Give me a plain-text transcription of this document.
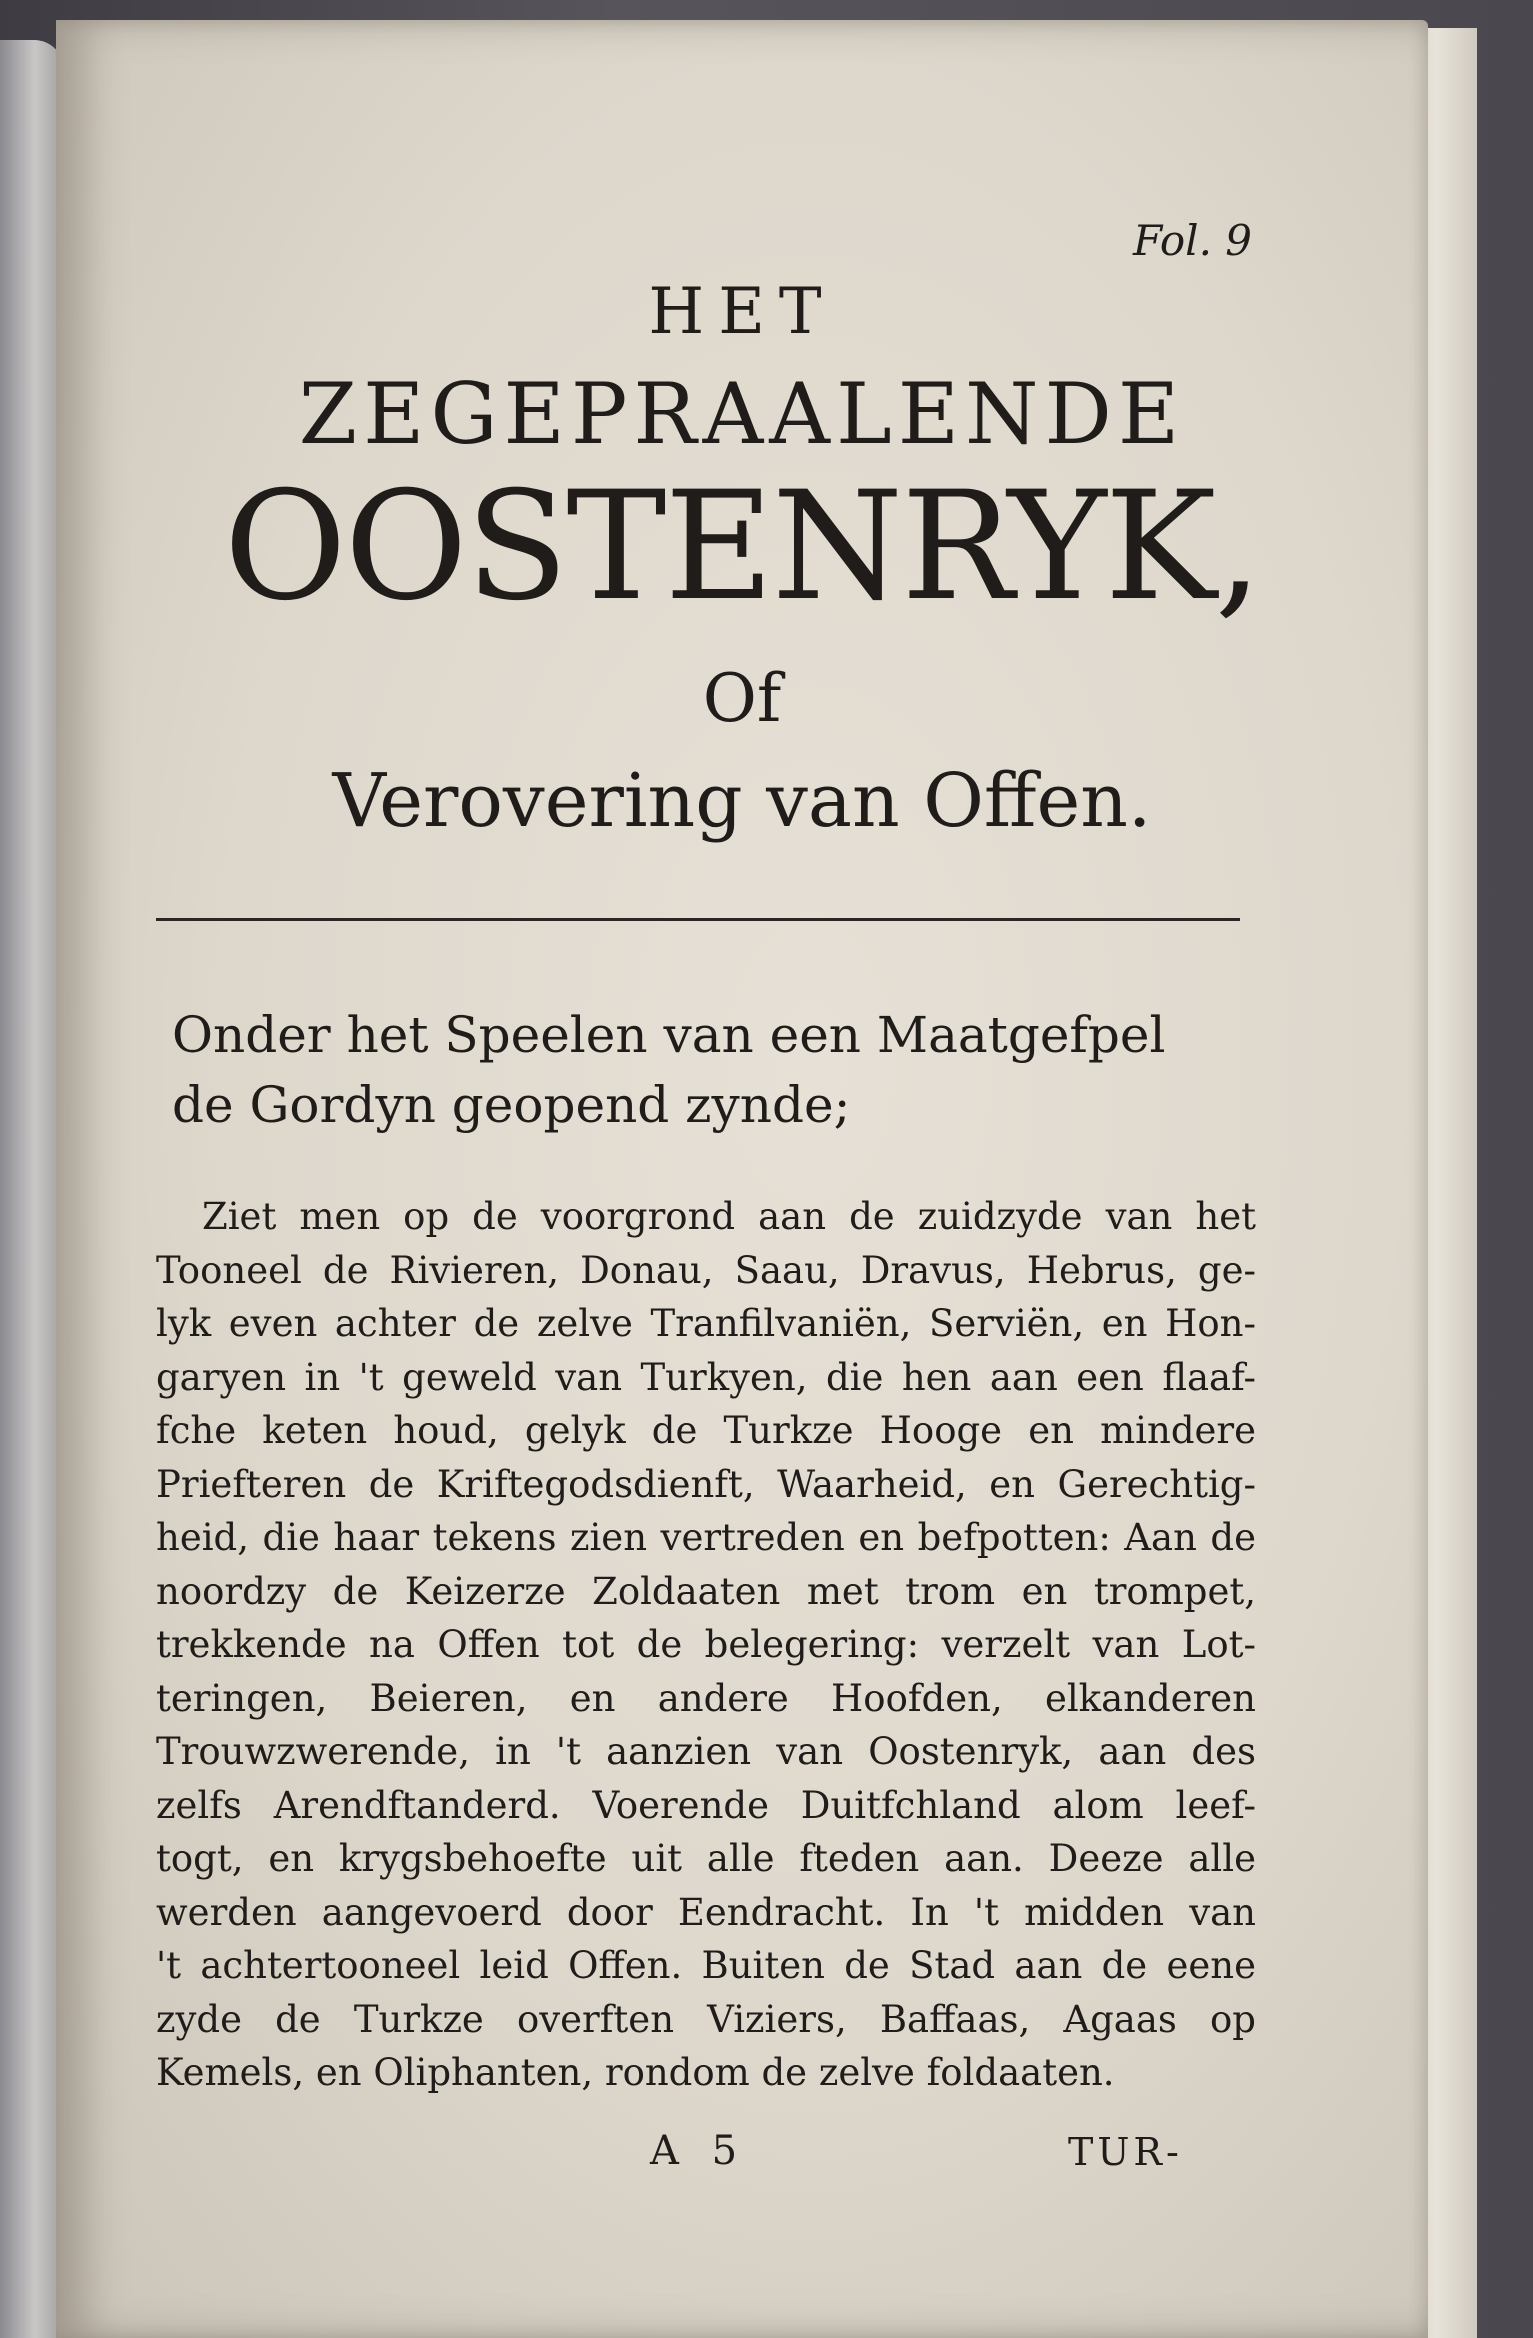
Fol. 9

HET

ZEGEPRAALENDE

OOSTENRYK,

Of

Verovering van Offen.

Onder het Speelen van een Maatgefpel

de Gordyn geopend zynde;

Ziet men op de voorgrond aan de zuidzyde van het
Tooneel de Rivieren, Donau, Saau, Dravus, Hebrus, ge-
lyk even achter de zelve Tranfilvaniën, Serviën, en Hon-
garyen in 't geweld van Turkyen, die hen aan een flaaf-
fche keten houd, gelyk de Turkze Hooge en mindere
Priefteren de Kriftegodsdienft, Waarheid, en Gerechtig-
heid, die haar tekens zien vertreden en befpotten: Aan de
noordzy de Keizerze Zoldaaten met trom en trompet,
trekkende na Offen tot de belegering: verzelt van Lot-
teringen, Beieren, en andere Hoofden, elkanderen
Trouwzwerende, in 't aanzien van Oostenryk, aan des
zelfs Arendftanderd. Voerende Duitfchland alom leef-
togt, en krygsbehoefte uit alle fteden aan. Deeze alle
werden aangevoerd door Eendracht. In 't midden van
't achtertooneel leid Offen. Buiten de Stad aan de eene
zyde de Turkze overften Viziers, Baffaas, Agaas op
Kemels, en Oliphanten, rondom de zelve foldaaten.

A 5	TUR-
